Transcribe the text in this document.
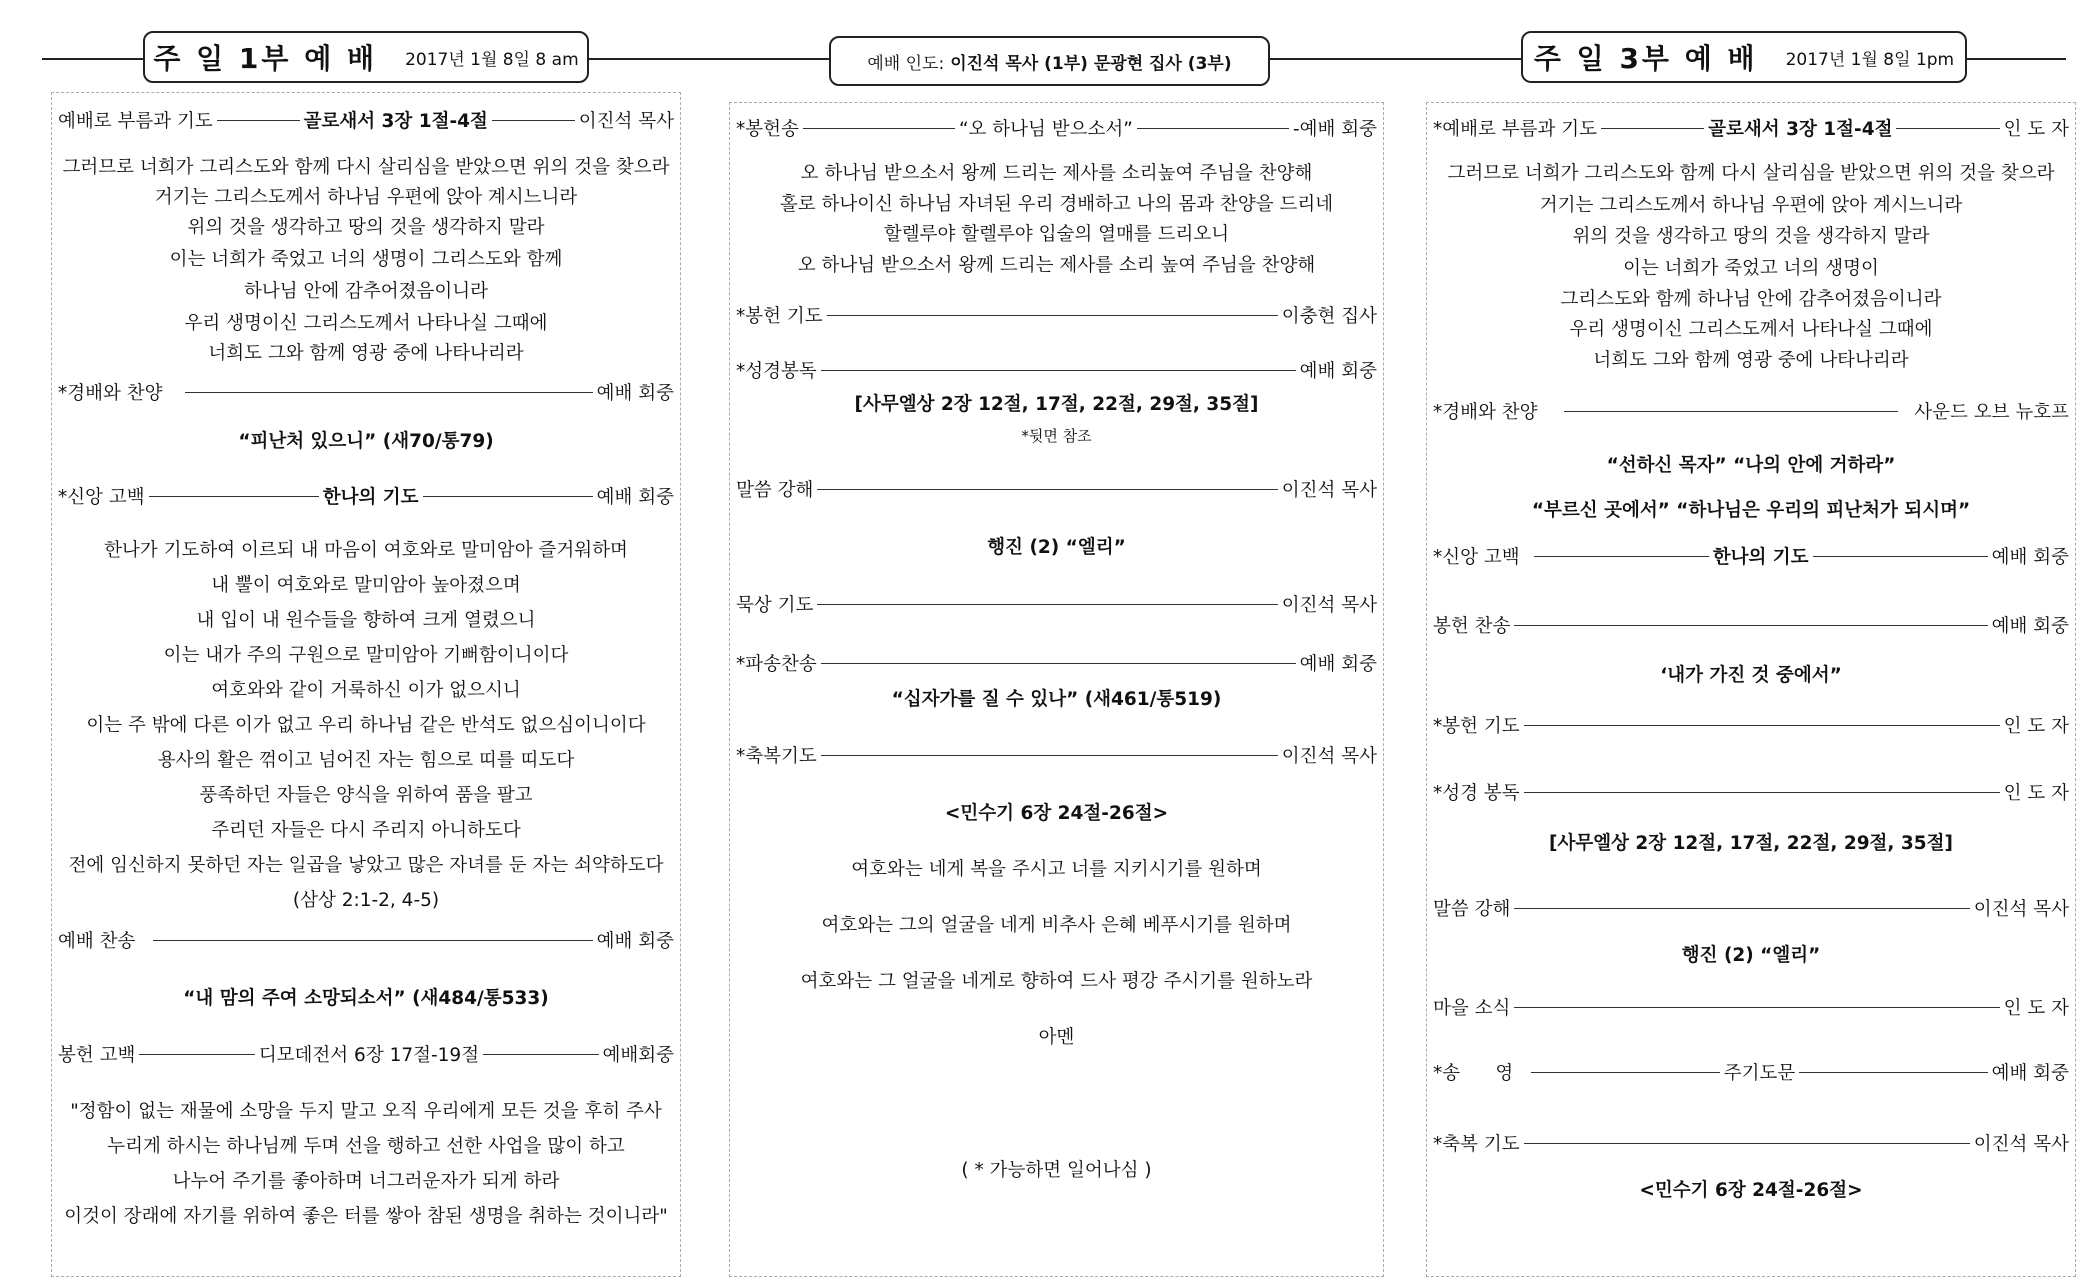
주 일 1부 예 배 2017년 1월 8일 8 am	예배 인도: 이진석 목사 (1부) 문광현 집사 (3부)	주 일 3부 예 배 2017년 1월 8일 1pm
예배로 부름과 기도	골로새서 3장 1절-4절	이진석 목사
그러므로 너희가 그리스도와 함께 다시 살리심을 받았으면 위의 것을 찾으라
거기는 그리스도께서 하나님 우편에 앉아 계시느니라
위의 것을 생각하고 땅의 것을 생각하지 말라
이는 너희가 죽었고 너의 생명이 그리스도와 함께
하나님 안에 감추어졌음이니라
우리 생명이신 그리스도께서 나타나실 그때에
너희도 그와 함께 영광 중에 나타나리라
*경배와 찬양	예배 회중
“피난처 있으니” (새70/통79)
*신앙 고백	한나의 기도	예배 회중
한나가 기도하여 이르되 내 마음이 여호와로 말미암아 즐거워하며
내 뿔이 여호와로 말미암아 높아졌으며
내 입이 내 원수들을 향하여 크게 열렸으니
이는 내가 주의 구원으로 말미암아 기뻐함이니이다
여호와와 같이 거룩하신 이가 없으시니
이는 주 밖에 다른 이가 없고 우리 하나님 같은 반석도 없으심이니이다
용사의 활은 꺾이고 넘어진 자는 힘으로 띠를 띠도다
풍족하던 자들은 양식을 위하여 품을 팔고
주리던 자들은 다시 주리지 아니하도다
전에 임신하지 못하던 자는 일곱을 낳았고 많은 자녀를 둔 자는 쇠약하도다
(삼상 2:1-2, 4-5)
예배 찬송	예배 회중
“내 맘의 주여 소망되소서” (새484/통533)
봉헌 고백	디모데전서 6장 17절-19절	예배회중
"정함이 없는 재물에 소망을 두지 말고 오직 우리에게 모든 것을 후히 주사
누리게 하시는 하나님께 두며 선을 행하고 선한 사업을 많이 하고
나누어 주기를 좋아하며 너그러운자가 되게 하라
이것이 장래에 자기를 위하여 좋은 터를 쌓아 참된 생명을 취하는 것이니라"
*봉헌송	“오 하나님 받으소서”	-예배 회중
오 하나님 받으소서 왕께 드리는 제사를 소리높여 주님을 찬양해
홀로 하나이신 하나님 자녀된 우리 경배하고 나의 몸과 찬양을 드리네
할렐루야 할렐루야 입술의 열매를 드리오니
오 하나님 받으소서 왕께 드리는 제사를 소리 높여 주님을 찬양해
*봉헌 기도	이충현 집사
*성경봉독	예배 회중
[사무엘상 2장 12절, 17절, 22절, 29절, 35절]
*뒷면 참조
말씀 강해	이진석 목사
행진 (2) “엘리”
묵상 기도	이진석 목사
*파송찬송	예배 회중
“십자가를 질 수 있나” (새461/통519)
*축복기도	이진석 목사
<민수기 6장 24절-26절>
여호와는 네게 복을 주시고 너를 지키시기를 원하며
여호와는 그의 얼굴을 네게 비추사 은혜 베푸시기를 원하며
여호와는 그 얼굴을 네게로 향하여 드사 평강 주시기를 원하노라
아멘
( * 가능하면 일어나심 )
*예배로 부름과 기도	골로새서 3장 1절-4절	인 도 자
그러므로 너희가 그리스도와 함께 다시 살리심을 받았으면 위의 것을 찾으라
거기는 그리스도께서 하나님 우편에 앉아 계시느니라
위의 것을 생각하고 땅의 것을 생각하지 말라
이는 너희가 죽었고 너의 생명이
그리스도와 함께 하나님 안에 감추어졌음이니라
우리 생명이신 그리스도께서 나타나실 그때에
너희도 그와 함께 영광 중에 나타나리라
*경배와 찬양	사운드 오브 뉴호프
“선하신 목자” “나의 안에 거하라”
“부르신 곳에서” “하나님은 우리의 피난처가 되시며”
*신앙 고백	한나의 기도	예배 회중
봉헌 찬송	예배 회중
‘내가 가진 것 중에서”
*봉헌 기도	인 도 자
*성경 봉독	인 도 자
[사무엘상 2장 12절, 17절, 22절, 29절, 35절]
말씀 강해	이진석 목사
행진 (2) “엘리”
마을 소식	인 도 자
*송      영	주기도문	예배 회중
*축복 기도	이진석 목사
<민수기 6장 24절-26절>
